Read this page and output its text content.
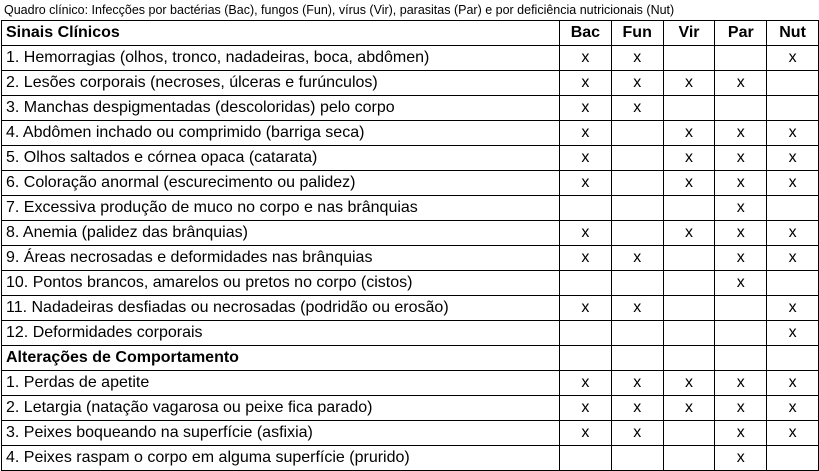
Quadro clínico: Infecções por bactérias (Bac), fungos (Fun), vírus (Vir), parasitas (Par) e por deficiência nutricionais (Nut)
Sinais Clínicos	Bac	Fun	Vir	Par	Nut
1. Hemorragias (olhos, tronco, nadadeiras, boca, abdômen)	x	x			x
2. Lesões corporais (necroses, úlceras e furúnculos)	x	x	x	x	
3. Manchas despigmentadas (descoloridas) pelo corpo	x	x			
4. Abdômen inchado ou comprimido (barriga seca)	x		x	x	x
5. Olhos saltados e córnea opaca (catarata)	x		x	x	x
6. Coloração anormal (escurecimento ou palidez)	x		x	x	x
7. Excessiva produção de muco no corpo e nas brânquias				x	
8. Anemia (palidez das brânquias)	x		x	x	x
9. Áreas necrosadas e deformidades nas brânquias	x	x		x	x
10. Pontos brancos, amarelos ou pretos no corpo (cistos)				x	
11. Nadadeiras desfiadas ou necrosadas (podridão ou erosão)	x	x			x
12. Deformidades corporais					x
Alterações de Comportamento					
1. Perdas de apetite	x	x	x	x	x
2. Letargia (natação vagarosa ou peixe fica parado)	x	x	x	x	x
3. Peixes boqueando na superfície (asfixia)	x	x		x	x
4. Peixes raspam o corpo em alguma superfície (prurido)				x	
